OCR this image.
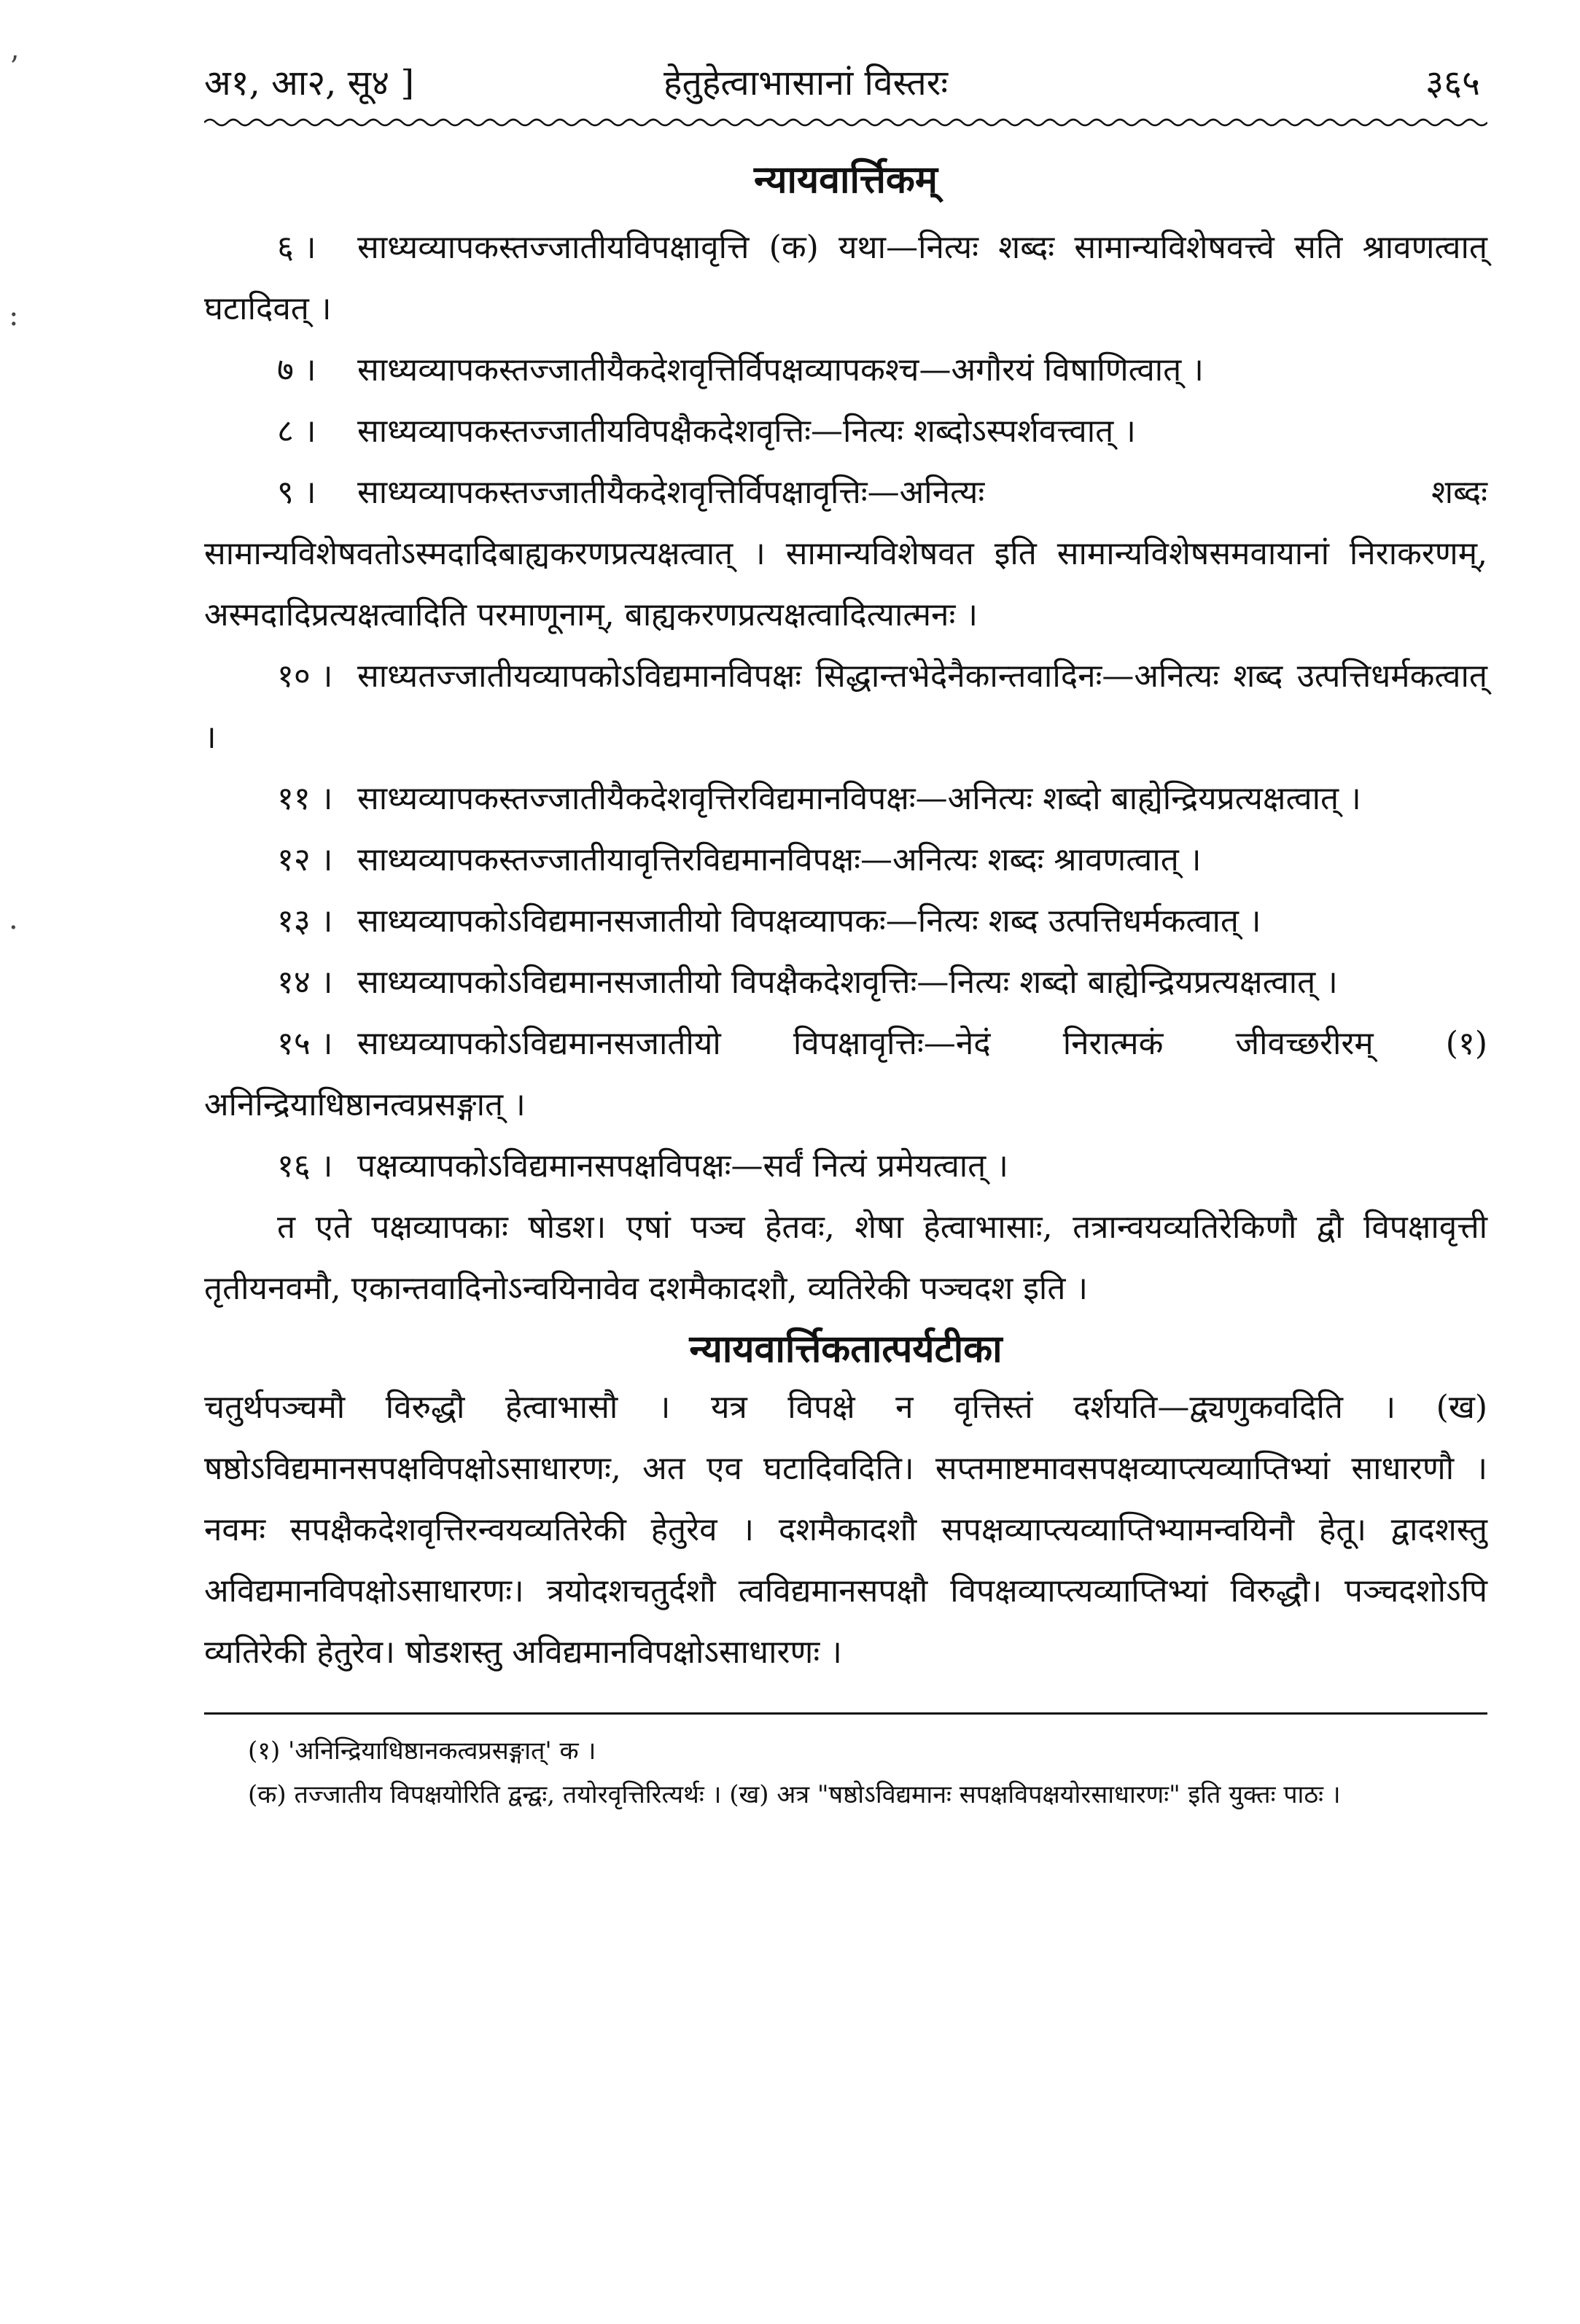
ʼ
:
·
अ१, आ२, सू४ ]	हेतुहेत्वाभासानां विस्तरः	३६५
न्यायवार्त्तिकम्

६ । साध्यव्यापकस्तज्जातीयविपक्षावृत्ति (क) यथा—नित्यः शब्दः सामान्यविशेषवत्त्वे सति श्रावणत्वात् घटादिवत् ।

७ । साध्यव्यापकस्तज्जातीयैकदेशवृत्तिर्विपक्षव्यापकश्च—अगौरयं विषाणित्वात् ।

८ । साध्यव्यापकस्तज्जातीयविपक्षैकदेशवृत्तिः—नित्यः शब्दोऽस्पर्शवत्त्वात् ।

९ । साध्यव्यापकस्तज्जातीयैकदेशवृत्तिर्विपक्षावृत्तिः—अनित्यः शब्दः सामान्यविशेषवतोऽस्मदादिबाह्यकरणप्रत्यक्षत्वात् । सामान्यविशेषवत इति सामान्यविशेषसमवायानां निराकरणम्, अस्मदादिप्रत्यक्षत्वादिति परमाणूनाम्, बाह्यकरणप्रत्यक्षत्वादित्यात्मनः ।

१० । साध्यतज्जातीयव्यापकोऽविद्यमानविपक्षः सिद्धान्तभेदेनैकान्तवादिनः—अनित्यः शब्द उत्पत्तिधर्मकत्वात् ।

११ । साध्यव्यापकस्तज्जातीयैकदेशवृत्तिरविद्यमानविपक्षः—अनित्यः शब्दो बाह्येन्द्रियप्रत्यक्षत्वात् ।

१२ । साध्यव्यापकस्तज्जातीयावृत्तिरविद्यमानविपक्षः—अनित्यः शब्दः श्रावणत्वात् ।

१३ । साध्यव्यापकोऽविद्यमानसजातीयो विपक्षव्यापकः—नित्यः शब्द उत्पत्तिधर्मकत्वात् ।

१४ । साध्यव्यापकोऽविद्यमानसजातीयो विपक्षैकदेशवृत्तिः—नित्यः शब्दो बाह्येन्द्रियप्रत्यक्षत्वात् ।

१५ । साध्यव्यापकोऽविद्यमानसजातीयो विपक्षावृत्तिः—नेदं निरात्मकं जीवच्छरीरम् (१) अनिन्द्रियाधिष्ठानत्वप्रसङ्गात् ।

१६ । पक्षव्यापकोऽविद्यमानसपक्षविपक्षः—सर्वं नित्यं प्रमेयत्वात् ।

त एते पक्षव्यापकाः षोडश। एषां पञ्च हेतवः, शेषा हेत्वाभासाः, तत्रान्वयव्यतिरेकिणौ द्वौ विपक्षावृत्ती तृतीयनवमौ, एकान्तवादिनोऽन्वयिनावेव दशमैकादशौ, व्यतिरेकी पञ्चदश इति ।

न्यायवार्त्तिकतात्पर्यटीका

चतुर्थपञ्चमौ विरुद्धौ हेत्वाभासौ । यत्र विपक्षे न वृत्तिस्तं दर्शयति—द्व्यणुकवदिति । (ख) षष्ठोऽविद्यमानसपक्षविपक्षोऽसाधारणः, अत एव घटादिवदिति। सप्तमाष्टमावसपक्षव्याप्त्यव्याप्तिभ्यां साधारणौ । नवमः सपक्षैकदेशवृत्तिरन्वयव्यतिरेकी हेतुरेव । दशमैकादशौ सपक्षव्याप्त्यव्याप्तिभ्यामन्वयिनौ हेतू। द्वादशस्तु अविद्यमानविपक्षोऽसाधारणः। त्रयोदशचतुर्दशौ त्वविद्यमानसपक्षौ विपक्षव्याप्त्यव्याप्तिभ्यां विरुद्धौ। पञ्चदशोऽपि व्यतिरेकी हेतुरेव। षोडशस्तु अविद्यमानविपक्षोऽसाधारणः ।

(१) 'अनिन्द्रियाधिष्ठानकत्वप्रसङ्गात्' क ।

(क) तज्जातीय विपक्षयोरिति द्वन्द्वः, तयोरवृत्तिरित्यर्थः । (ख) अत्र "षष्ठोऽविद्यमानः सपक्षविपक्षयोरसाधारणः" इति युक्तः पाठः ।
